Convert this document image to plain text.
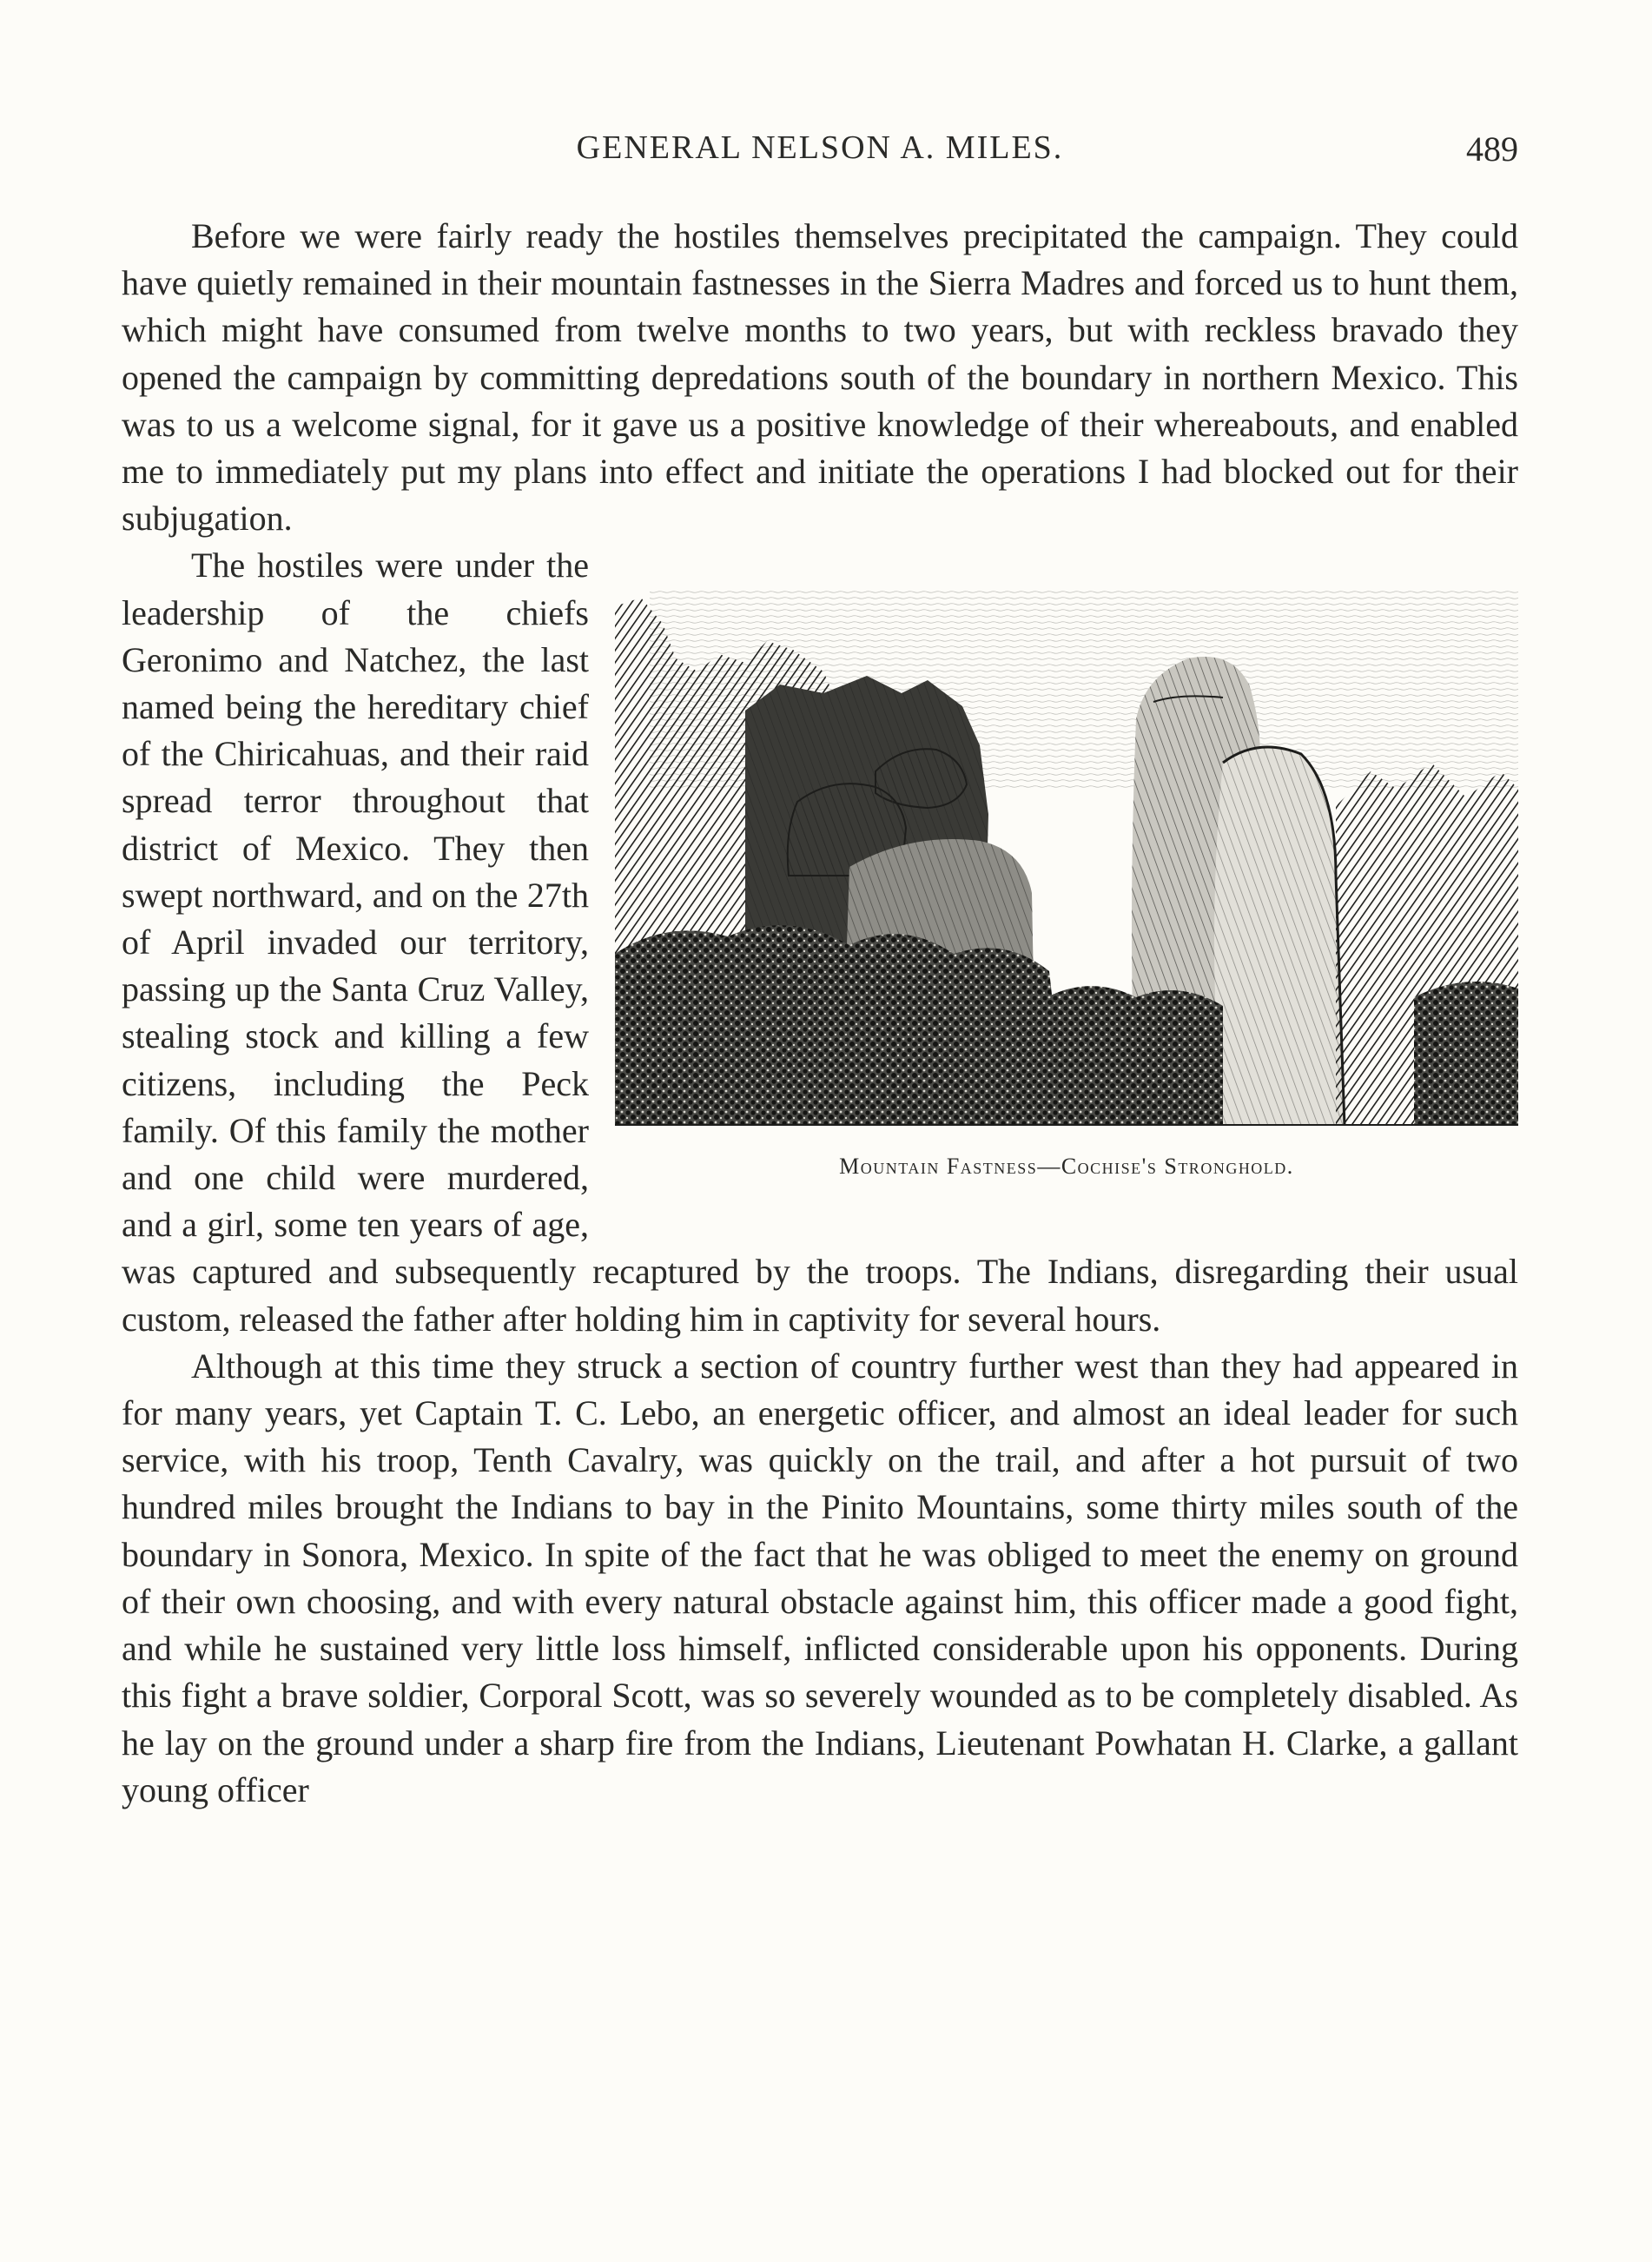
GENERAL NELSON A. MILES.	489

Before we were fairly ready the hostiles themselves precipitated the campaign. They could have quietly remained in their mountain fastnesses in the Sierra Madres and forced us to hunt them, which might have consumed from twelve months to two years, but with reckless bravado they opened the campaign by committing depredations south of the boundary in northern Mexico. This was to us a welcome signal, for it gave us a positive knowledge of their whereabouts, and enabled me to immediately put my plans into effect and initiate the operations I had blocked out for their subjugation.

Mountain Fastness—Cochise's Stronghold.

The hostiles were under the leadership of the chiefs Geronimo and Natchez, the last named being the hereditary chief of the Chiricahuas, and their raid spread terror throughout that district of Mexico. They then swept northward, and on the 27th of April invaded our territory, passing up the Santa Cruz Valley, stealing stock and killing a few citizens, including the Peck family. Of this family the mother and one child were murdered, and a girl, some ten years of age, was captured and subsequently recaptured by the troops. The Indians, disregarding their usual custom, released the father after holding him in captivity for several hours.

Although at this time they struck a section of country further west than they had appeared in for many years, yet Captain T. C. Lebo, an energetic officer, and almost an ideal leader for such service, with his troop, Tenth Cavalry, was quickly on the trail, and after a hot pursuit of two hundred miles brought the Indians to bay in the Pinito Mountains, some thirty miles south of the boundary in Sonora, Mexico. In spite of the fact that he was obliged to meet the enemy on ground of their own choosing, and with every natural obstacle against him, this officer made a good fight, and while he sustained very little loss himself, inflicted considerable upon his opponents. During this fight a brave soldier, Corporal Scott, was so severely wounded as to be completely disabled. As he lay on the ground under a sharp fire from the Indians, Lieutenant Powhatan H. Clarke, a gallant young officer
